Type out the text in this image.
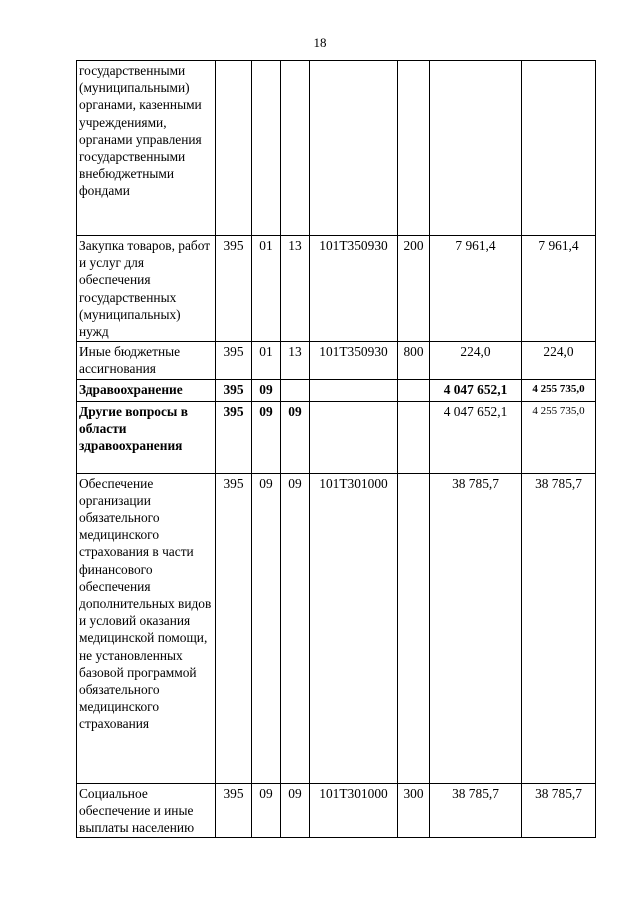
18
государственными (муниципальными) органами, казенными учреждениями, органами управления государственными внебюджетными фондами							
Закупка товаров, работ и услуг для обеспечения государственных (муниципальных) нужд	395	01	13	101Т350930	200	7 961,4	7 961,4
Иные бюджетные ассигнования	395	01	13	101Т350930	800	224,0	224,0
Здравоохранение	395	09				4 047 652,1	4 255 735,0
Другие вопросы в области здравоохранения	395	09	09			4 047 652,1	4 255 735,0
Обеспечение организации обязательного медицинского страхования в части финансового обеспечения дополнительных видов и условий оказания медицинской помощи, не установленных базовой программой обязательного медицинского страхования	395	09	09	101Т301000		38 785,7	38 785,7
Социальное обеспечение и иные выплаты населению	395	09	09	101Т301000	300	38 785,7	38 785,7
